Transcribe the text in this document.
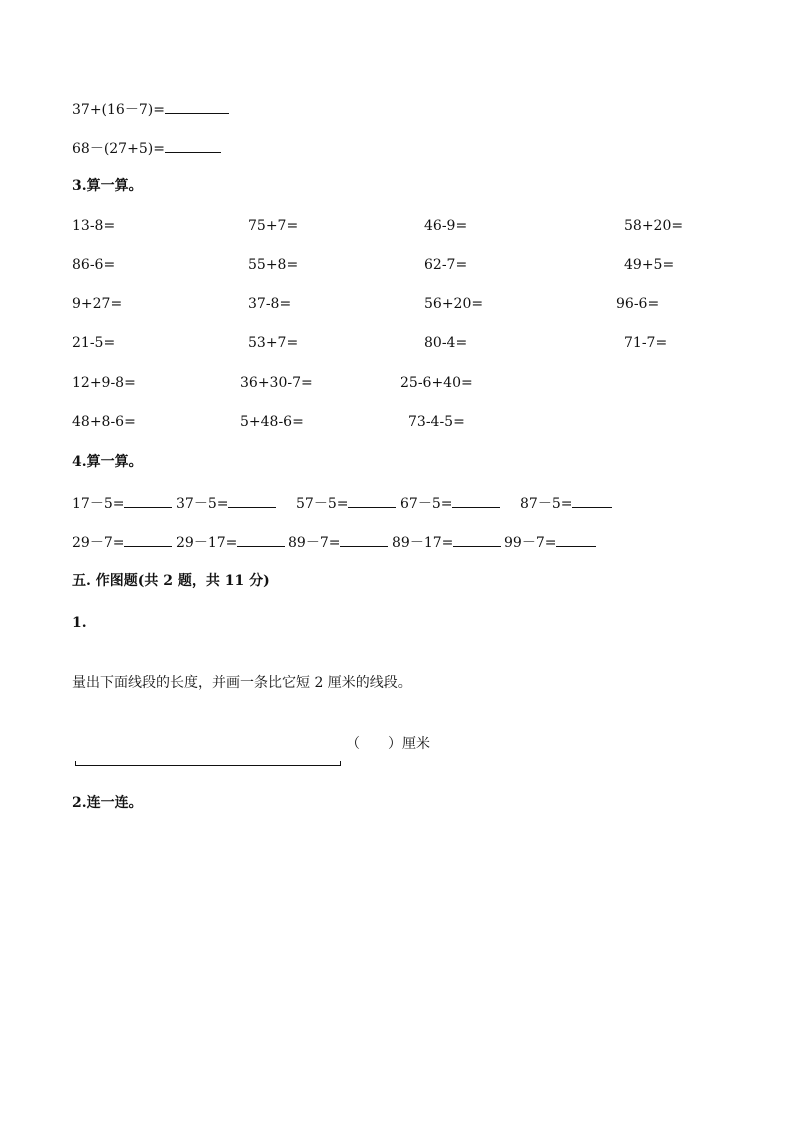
37+(16－7)=
68－(27+5)=
3.算一算。
13-8=	75+7=	46-9=	58+20=
86-6=	55+8=	62-7=	49+5=
9+27=	37-8=	56+20=	96-6=
21-5=	53+7=	80-4=	71-7=
12+9-8=	36+30-7=	25-6+40=
48+8-6=	5+48-6=	73-4-5=
4.算一算。
17－5=	37－5=	57－5=	67－5=	87－5=
29－7=	29－17=	89－7=	89－17=	99－7=
五. 作图题(共 2 题，共 11 分)
1.
量出下面线段的长度，并画一条比它短 2 厘米的线段。
（　　）厘米
2.连一连。
